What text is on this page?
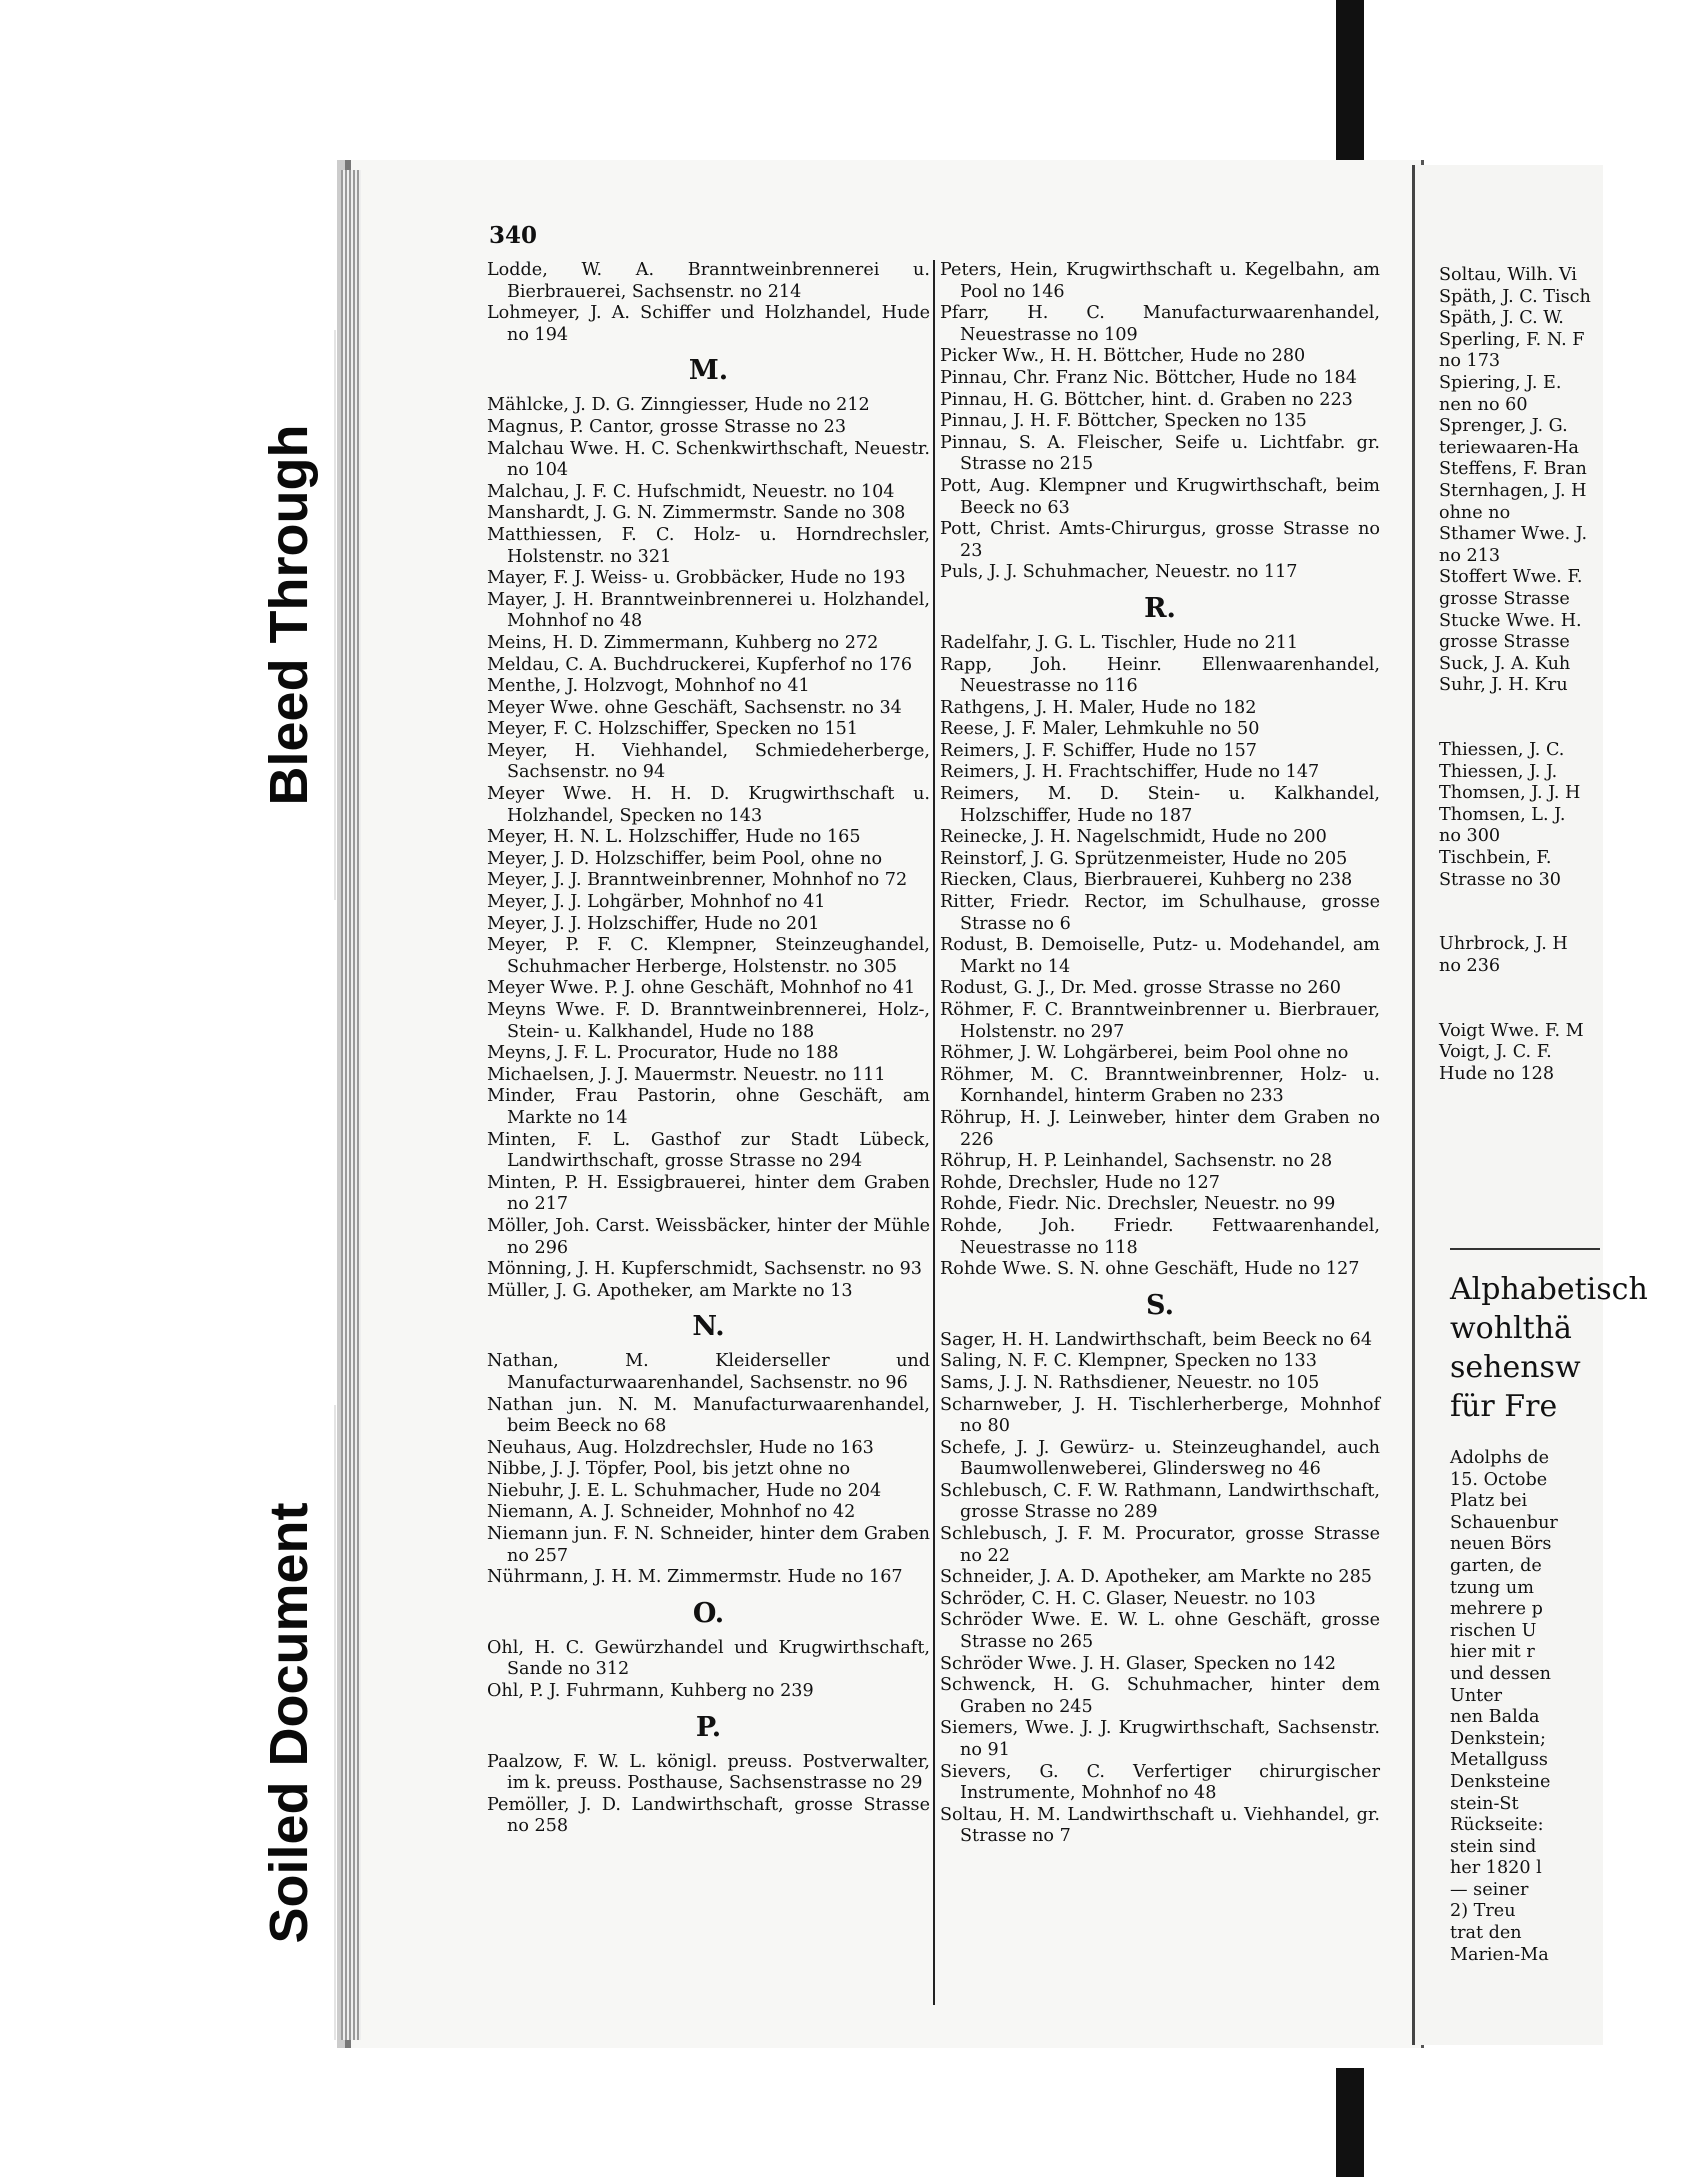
Bleed Through
Soiled Document
340
Lodde, W. A. Branntweinbrennerei u. Bierbrauerei, Sachsenstr. no 214
Lohmeyer, J. A. Schiffer und Holzhandel, Hude no 194
M.
Mählcke, J. D. G. Zinngiesser, Hude no 212
Magnus, P. Cantor, grosse Strasse no 23
Malchau Wwe. H. C. Schenkwirthschaft, Neuestr. no 104
Malchau, J. F. C. Hufschmidt, Neuestr. no 104
Manshardt, J. G. N. Zimmermstr. Sande no 308
Matthiessen, F. C. Holz- u. Horndrechsler, Holstenstr. no 321
Mayer, F. J. Weiss- u. Grobbäcker, Hude no 193
Mayer, J. H. Branntweinbrennerei u. Holzhandel, Mohnhof no 48
Meins, H. D. Zimmermann, Kuhberg no 272
Meldau, C. A. Buchdruckerei, Kupferhof no 176
Menthe, J. Holzvogt, Mohnhof no 41
Meyer Wwe. ohne Geschäft, Sachsenstr. no 34
Meyer, F. C. Holzschiffer, Specken no 151
Meyer, H. Viehhandel, Schmiedeherberge, Sachsenstr. no 94
Meyer Wwe. H. H. D. Krugwirthschaft u. Holzhandel, Specken no 143
Meyer, H. N. L. Holzschiffer, Hude no 165
Meyer, J. D. Holzschiffer, beim Pool, ohne no
Meyer, J. J. Branntweinbrenner, Mohnhof no 72
Meyer, J. J. Lohgärber, Mohnhof no 41
Meyer, J. J. Holzschiffer, Hude no 201
Meyer, P. F. C. Klempner, Steinzeughandel, Schuhmacher Herberge, Holstenstr. no 305
Meyer Wwe. P. J. ohne Geschäft, Mohnhof no 41
Meyns Wwe. F. D. Branntweinbrennerei, Holz-, Stein- u. Kalkhandel, Hude no 188
Meyns, J. F. L. Procurator, Hude no 188
Michaelsen, J. J. Mauermstr. Neuestr. no 111
Minder, Frau Pastorin, ohne Geschäft, am Markte no 14
Minten, F. L. Gasthof zur Stadt Lübeck, Landwirthschaft, grosse Strasse no 294
Minten, P. H. Essigbrauerei, hinter dem Graben no 217
Möller, Joh. Carst. Weissbäcker, hinter der Mühle no 296
Mönning, J. H. Kupferschmidt, Sachsenstr. no 93
Müller, J. G. Apotheker, am Markte no 13
N.
Nathan, M. Kleiderseller und Manufacturwaarenhandel, Sachsenstr. no 96
Nathan jun. N. M. Manufacturwaarenhandel, beim Beeck no 68
Neuhaus, Aug. Holzdrechsler, Hude no 163
Nibbe, J. J. Töpfer, Pool, bis jetzt ohne no
Niebuhr, J. E. L. Schuhmacher, Hude no 204
Niemann, A. J. Schneider, Mohnhof no 42
Niemann jun. F. N. Schneider, hinter dem Graben no 257
Nührmann, J. H. M. Zimmermstr. Hude no 167
O.
Ohl, H. C. Gewürzhandel und Krugwirthschaft, Sande no 312
Ohl, P. J. Fuhrmann, Kuhberg no 239
P.
Paalzow, F. W. L. königl. preuss. Postverwalter, im k. preuss. Posthause, Sachsenstrasse no 29
Pemöller, J. D. Landwirthschaft, grosse Strasse no 258
Peters, Hein, Krugwirthschaft u. Kegelbahn, am Pool no 146
Pfarr, H. C. Manufacturwaarenhandel, Neuestrasse no 109
Picker Ww., H. H. Böttcher, Hude no 280
Pinnau, Chr. Franz Nic. Böttcher, Hude no 184
Pinnau, H. G. Böttcher, hint. d. Graben no 223
Pinnau, J. H. F. Böttcher, Specken no 135
Pinnau, S. A. Fleischer, Seife u. Lichtfabr. gr. Strasse no 215
Pott, Aug. Klempner und Krugwirthschaft, beim Beeck no 63
Pott, Christ. Amts-Chirurgus, grosse Strasse no 23
Puls, J. J. Schuhmacher, Neuestr. no 117
R.
Radelfahr, J. G. L. Tischler, Hude no 211
Rapp, Joh. Heinr. Ellenwaarenhandel, Neuestrasse no 116
Rathgens, J. H. Maler, Hude no 182
Reese, J. F. Maler, Lehmkuhle no 50
Reimers, J. F. Schiffer, Hude no 157
Reimers, J. H. Frachtschiffer, Hude no 147
Reimers, M. D. Stein- u. Kalkhandel, Holzschiffer, Hude no 187
Reinecke, J. H. Nagelschmidt, Hude no 200
Reinstorf, J. G. Sprützenmeister, Hude no 205
Riecken, Claus, Bierbrauerei, Kuhberg no 238
Ritter, Friedr. Rector, im Schulhause, grosse Strasse no 6
Rodust, B. Demoiselle, Putz- u. Modehandel, am Markt no 14
Rodust, G. J., Dr. Med. grosse Strasse no 260
Röhmer, F. C. Branntweinbrenner u. Bierbrauer, Holstenstr. no 297
Röhmer, J. W. Lohgärberei, beim Pool ohne no
Röhmer, M. C. Branntweinbrenner, Holz- u. Kornhandel, hinterm Graben no 233
Röhrup, H. J. Leinweber, hinter dem Graben no 226
Röhrup, H. P. Leinhandel, Sachsenstr. no 28
Rohde, Drechsler, Hude no 127
Rohde, Fiedr. Nic. Drechsler, Neuestr. no 99
Rohde, Joh. Friedr. Fettwaarenhandel, Neuestrasse no 118
Rohde Wwe. S. N. ohne Geschäft, Hude no 127
S.
Sager, H. H. Landwirthschaft, beim Beeck no 64
Saling, N. F. C. Klempner, Specken no 133
Sams, J. J. N. Rathsdiener, Neuestr. no 105
Scharnweber, J. H. Tischlerherberge, Mohnhof no 80
Schefe, J. J. Gewürz- u. Steinzeughandel, auch Baumwollenweberei, Glindersweg no 46
Schlebusch, C. F. W. Rathmann, Landwirthschaft, grosse Strasse no 289
Schlebusch, J. F. M. Procurator, grosse Strasse no 22
Schneider, J. A. D. Apotheker, am Markte no 285
Schröder, C. H. C. Glaser, Neuestr. no 103
Schröder Wwe. E. W. L. ohne Geschäft, grosse Strasse no 265
Schröder Wwe. J. H. Glaser, Specken no 142
Schwenck, H. G. Schuhmacher, hinter dem Graben no 245
Siemers, Wwe. J. J. Krugwirthschaft, Sachsenstr. no 91
Sievers, G. C. Verfertiger chirurgischer Instrumente, Mohnhof no 48
Soltau, H. M. Landwirthschaft u. Viehhandel, gr. Strasse no 7
Soltau, Wilh. Vi
Späth, J. C. Tisch
Späth, J. C. W.
Sperling, F. N. F
no 173
Spiering, J. E.
nen no 60
Sprenger, J. G.
teriewaaren-Ha
Steffens, F. Bran
Sternhagen, J. H
ohne no
Sthamer Wwe. J.
no 213
Stoffert Wwe. F.
grosse Strasse
Stucke Wwe. H.
grosse Strasse
Suck, J. A. Kuh
Suhr, J. H. Kru

Thiessen, J. C.
Thiessen, J. J.
Thomsen, J. J. H
Thomsen, L. J.
no 300
Tischbein, F.
Strasse no 30

Uhrbrock, J. H
no 236

Voigt Wwe. F. M
Voigt, J. C. F.
Hude no 128
Alphabetisch
wohlthä
sehensw
für Fre
Adolphs de
15. Octobe
Platz bei
Schauenbur
neuen Börs
garten, de
tzung um
mehrere p
rischen U
hier mit r
und dessen
Unter
nen Balda
Denkstein;
Metallguss
Denksteine
stein-St
Rückseite:
stein sind
her 1820 l
— seiner
2) Treu
trat den
Marien-Ma
